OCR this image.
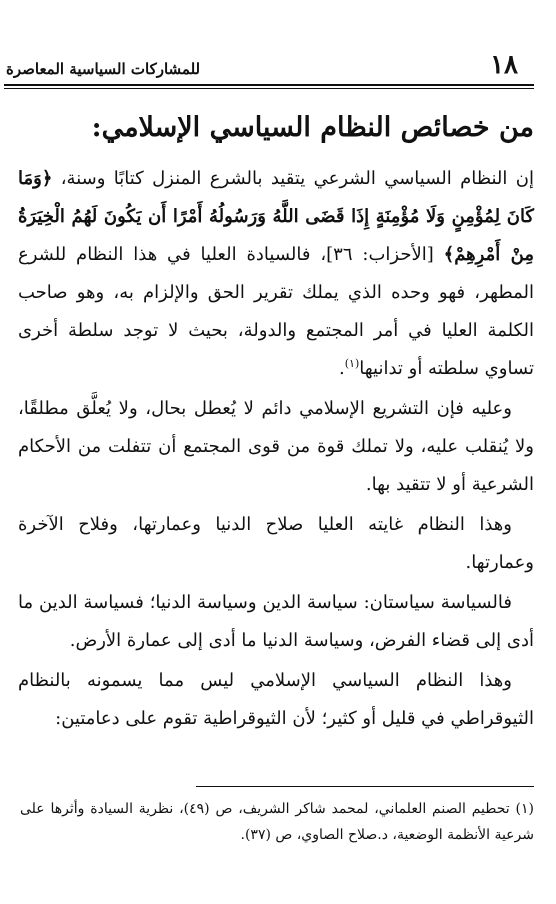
١٨
للمشاركات السياسية المعاصرة
من خصائص النظام السياسي الإسلامي:

إن النظام السياسي الشرعي يتقيد بالشرع المنزل كتابًا وسنة، ﴿وَمَا كَانَ لِمُؤْمِنٍ وَلَا مُؤْمِنَةٍ إِذَا قَضَى اللَّهُ وَرَسُولُهُ أَمْرًا أَن يَكُونَ لَهُمُ الْخِيَرَةُ مِنْ أَمْرِهِمْ﴾ [الأحزاب: ٣٦]، فالسيادة العليا في هذا النظام للشرع المطهر، فهو وحده الذي يملك تقرير الحق والإلزام به، وهو صاحب الكلمة العليا في أمر المجتمع والدولة، بحيث لا توجد سلطة أخرى تساوي سلطته أو تدانيها$^{(١)}$.

وعليه فإن التشريع الإسلامي دائم لا يُعطل بحال، ولا يُعلَّق مطلقًا، ولا يُنقلب عليه، ولا تملك قوة من قوى المجتمع أن تتفلت من الأحكام الشرعية أو لا تتقيد بها.

وهذا النظام غايته العليا صلاح الدنيا وعمارتها، وفلاح الآخرة وعمارتها.

فالسياسة سياستان: سياسة الدين وسياسة الدنيا؛ فسياسة الدين ما أدى إلى قضاء الفرض، وسياسة الدنيا ما أدى إلى عمارة الأرض.

وهذا النظام السياسي الإسلامي ليس مما يسمونه بالنظام الثيوقراطي في قليل أو كثير؛ لأن الثيوقراطية تقوم على دعامتين:

(١) تحطيم الصنم العلماني، لمحمد شاكر الشريف، ص (٤٩)، نظرية السيادة وأثرها على شرعية الأنظمة الوضعية، د.صلاح الصاوي، ص (٣٧).
